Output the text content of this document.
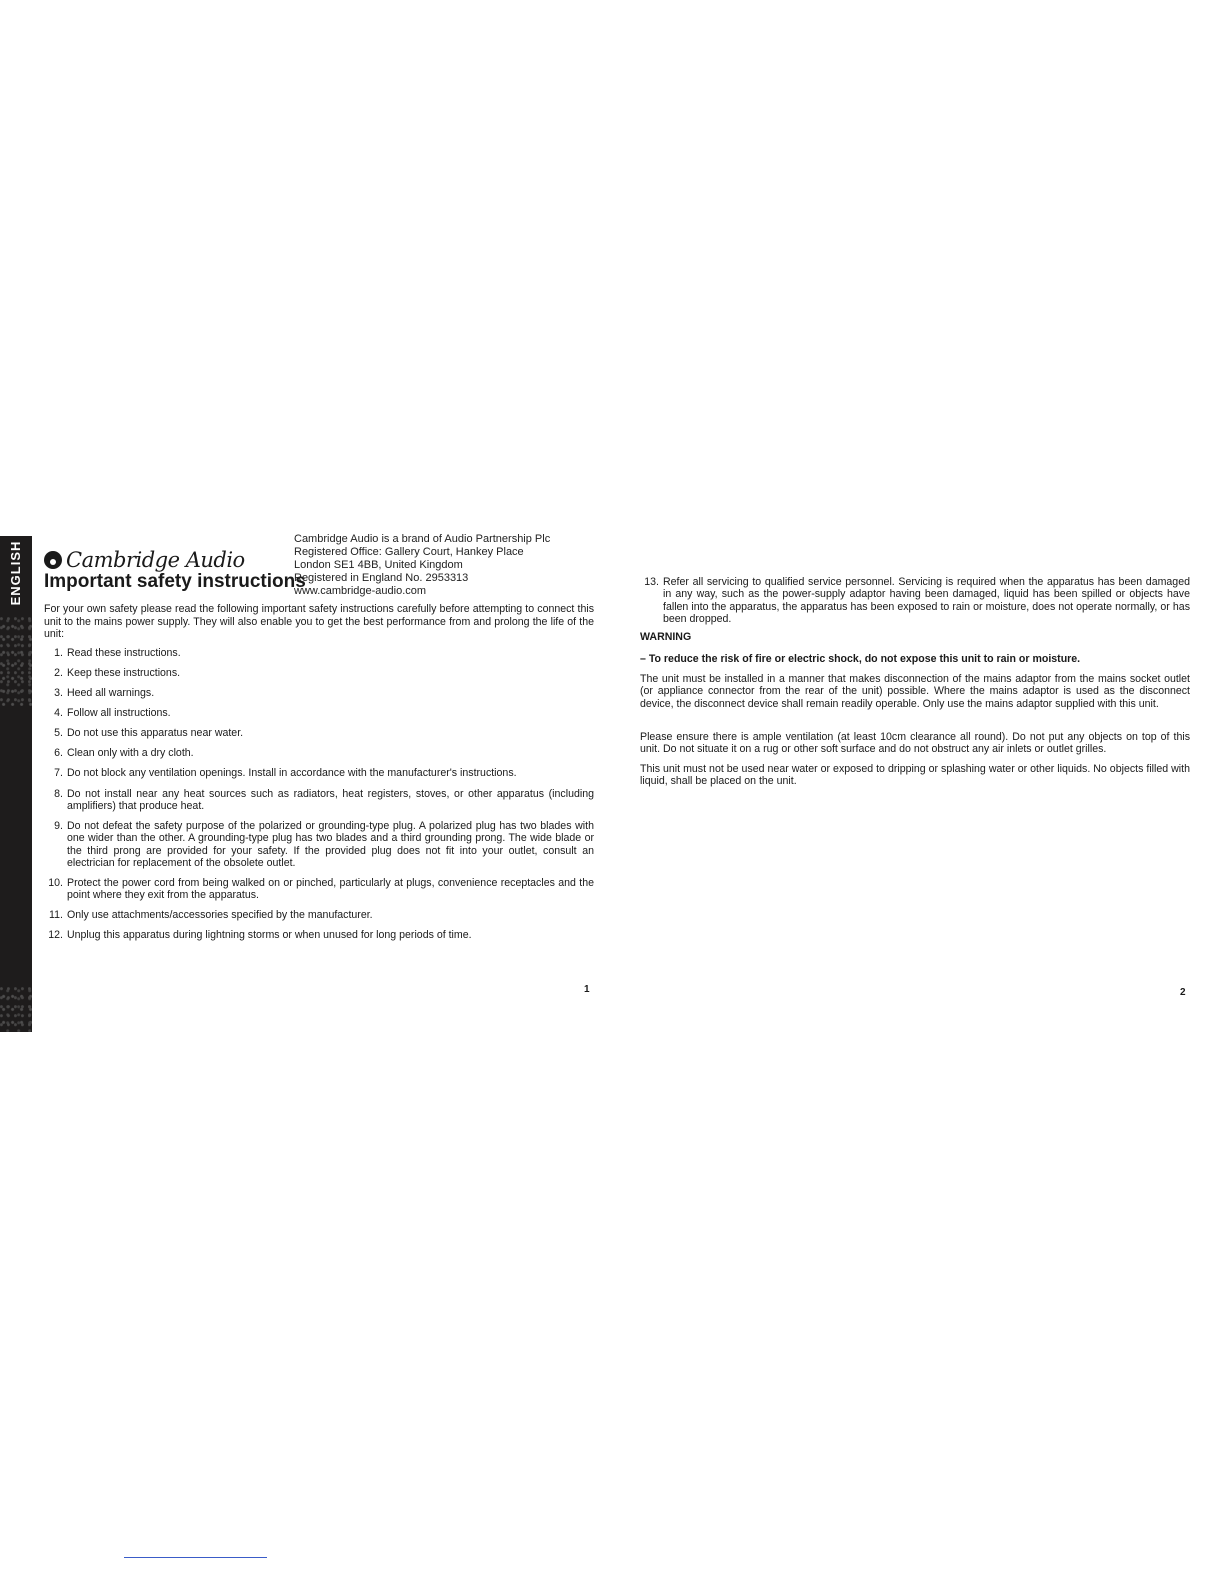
ENGLISH Cambridge Audio
Important safety instructions
Cambridge Audio is a brand of Audio Partnership Plc
Registered Office: Gallery Court, Hankey Place
London SE1 4BB, United Kingdom
Registered in England No. 2953313
www.cambridge-audio.com

For your own safety please read the following important safety instructions carefully before attempting to connect this unit to the mains power supply. They will also enable you to get the best performance from and prolong the life of the unit:

1. Read these instructions.
2. Keep these instructions.
3. Heed all warnings.
4. Follow all instructions.
5. Do not use this apparatus near water.
6. Clean only with a dry cloth.
7. Do not block any ventilation openings. Install in accordance with the manufacturer's instructions.
8. Do not install near any heat sources such as radiators, heat registers, stoves, or other apparatus (including amplifiers) that produce heat.
9. Do not defeat the safety purpose of the polarized or grounding-type plug. A polarized plug has two blades with one wider than the other. A grounding-type plug has two blades and a third grounding prong. The wide blade or the third prong are provided for your safety. If the provided plug does not fit into your outlet, consult an electrician for replacement of the obsolete outlet.
10. Protect the power cord from being walked on or pinched, particularly at plugs, convenience receptacles and the point where they exit from the apparatus.
11. Only use attachments/accessories specified by the manufacturer.
12. Unplug this apparatus during lightning storms or when unused for long periods of time.
1
13. Refer all servicing to qualified service personnel. Servicing is required when the apparatus has been damaged in any way, such as the power-supply adaptor having been damaged, liquid has been spilled or objects have fallen into the apparatus, the apparatus has been exposed to rain or moisture, does not operate normally, or has been dropped.
WARNING
– To reduce the risk of fire or electric shock, do not expose this unit to rain or moisture.

The unit must be installed in a manner that makes disconnection of the mains adaptor from the mains socket outlet (or appliance connector from the rear of the unit) possible. Where the mains adaptor is used as the disconnect device, the disconnect device shall remain readily operable. Only use the mains adaptor supplied with this unit.

Please ensure there is ample ventilation (at least 10cm clearance all round). Do not put any objects on top of this unit. Do not situate it on a rug or other soft surface and do not obstruct any air inlets or outlet grilles.

This unit must not be used near water or exposed to dripping or splashing water or other liquids. No objects filled with liquid, shall be placed on the unit.

2
